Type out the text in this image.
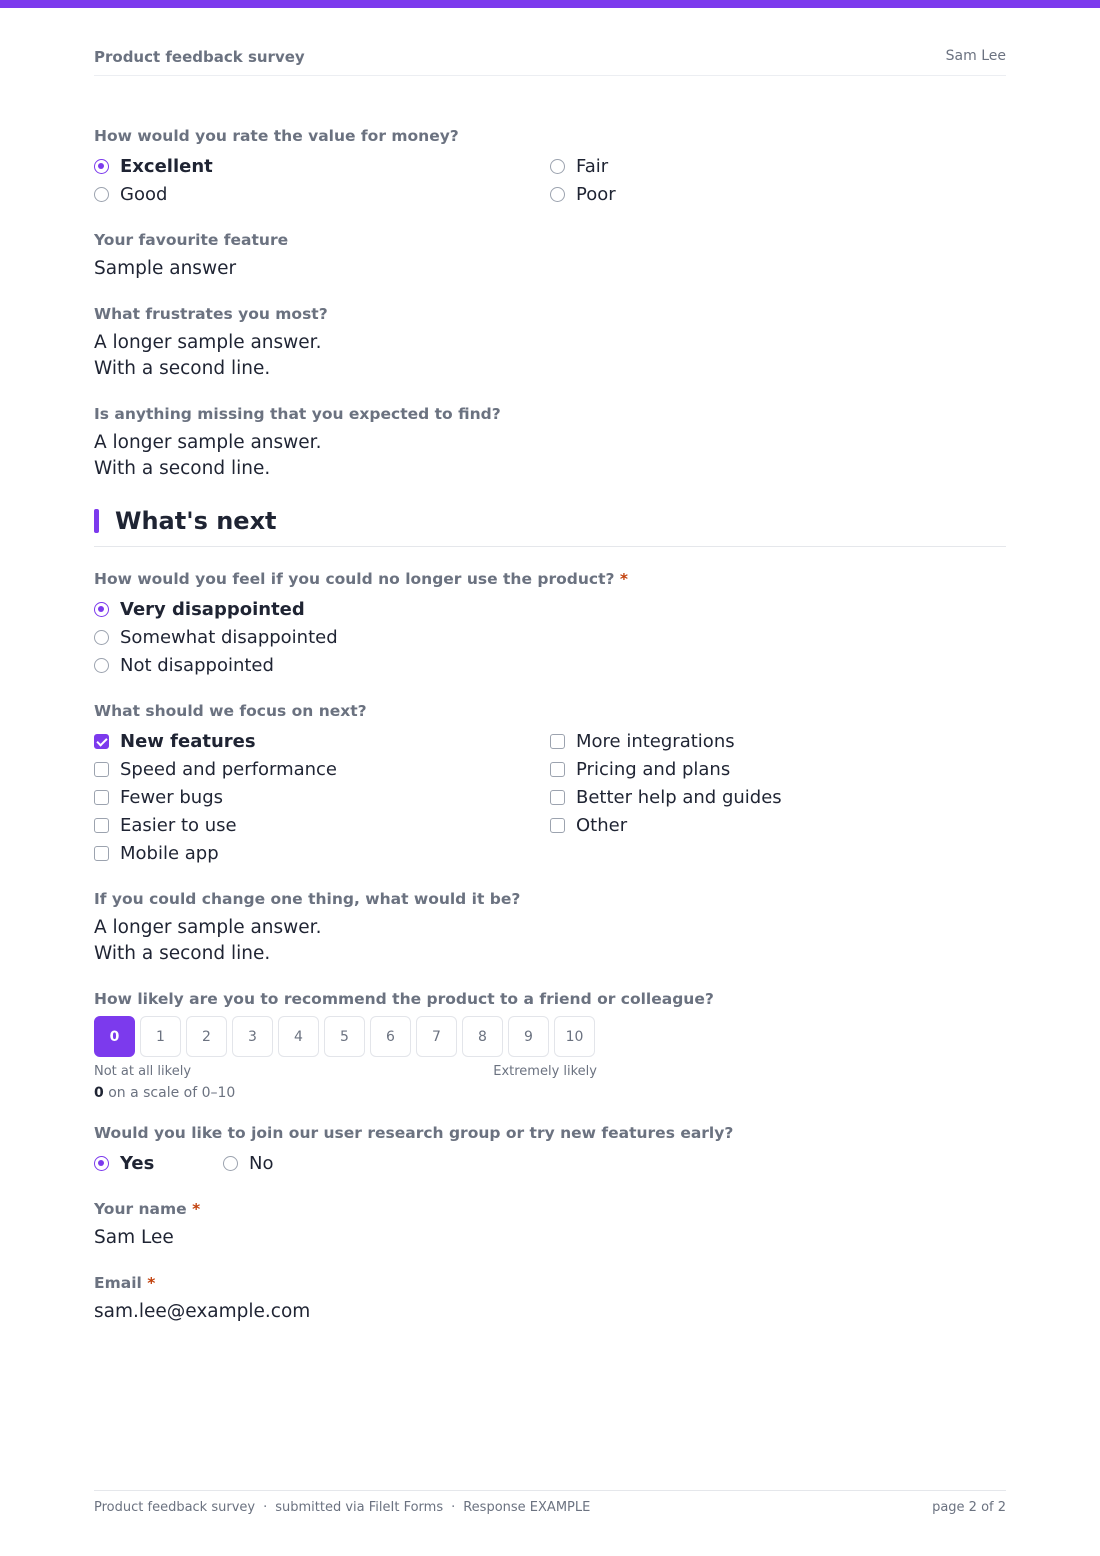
Product feedback survey	Sam Lee
How would you rate the value for money?
Excellent
Good
Fair
Poor
Your favourite feature
Sample answer
What frustrates you most?
A longer sample answer.
With a second line.
Is anything missing that you expected to find?
A longer sample answer.
With a second line.
What's next
How would you feel if you could no longer use the product? *
Very disappointed
Somewhat disappointed
Not disappointed
What should we focus on next?
New features
Speed and performance
Fewer bugs
Easier to use
Mobile app
More integrations
Pricing and plans
Better help and guides
Other
If you could change one thing, what would it be?
A longer sample answer.
With a second line.
How likely are you to recommend the product to a friend or colleague?
0	1	2	3	4	5	6	7	8	9	10
Not at all likely	Extremely likely
0 on a scale of 0–10
Would you like to join our user research group or try new features early?
Yes	No
Your name *
Sam Lee
Email *
sam.lee@example.com
Product feedback survey · submitted via FileIt Forms · Response EXAMPLE	page 2 of 2
